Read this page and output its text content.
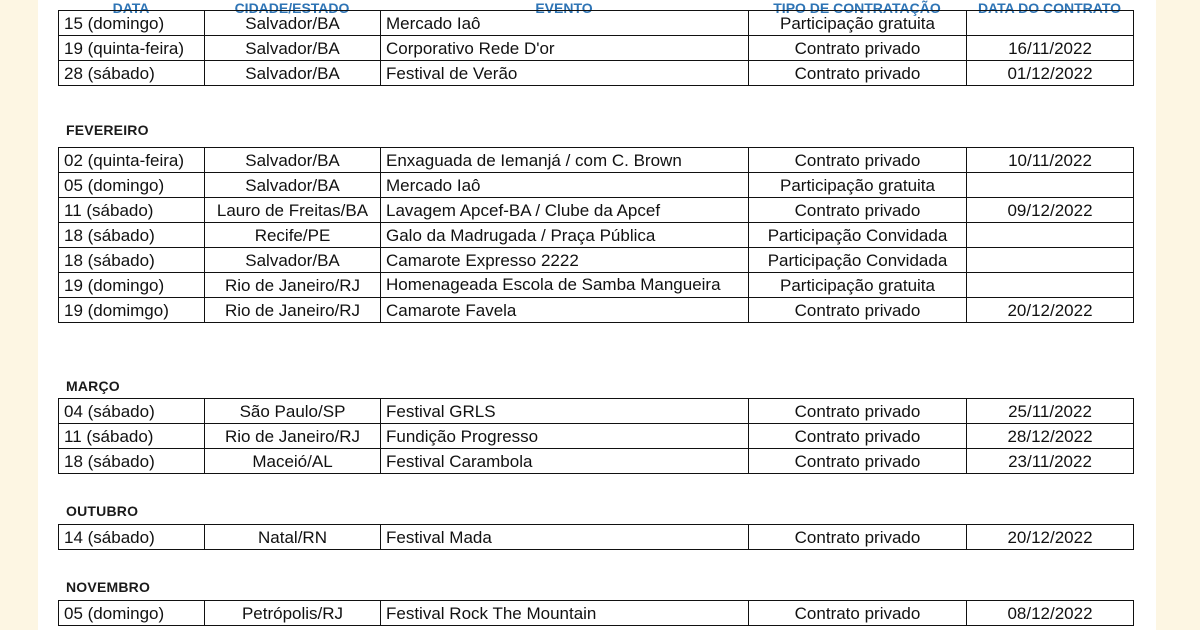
DATA	CIDADE/ESTADO	EVENTO	TIPO DE CONTRATAÇÃO	DATA DO CONTRATO
15 (domingo)	Salvador/BA	Mercado Iaô	Participação gratuita	
19 (quinta-feira)	Salvador/BA	Corporativo Rede D'or	Contrato privado	16/11/2022
28 (sábado)	Salvador/BA	Festival de Verão	Contrato privado	01/12/2022
FEVEREIRO
02 (quinta-feira)	Salvador/BA	Enxaguada de Iemanjá / com C. Brown	Contrato privado	10/11/2022
05 (domingo)	Salvador/BA	Mercado Iaô	Participação gratuita	
11 (sábado)	Lauro de Freitas/BA	Lavagem Apcef-BA / Clube da Apcef	Contrato privado	09/12/2022
18 (sábado)	Recife/PE	Galo da Madrugada / Praça Pública	Participação Convidada	
18 (sábado)	Salvador/BA	Camarote Expresso 2222	Participação Convidada	
19 (domingo)	Rio de Janeiro/RJ	Homenageada Escola de Samba Mangueira	Participação gratuita	
19 (domimgo)	Rio de Janeiro/RJ	Camarote Favela	Contrato privado	20/12/2022
MARÇO
04 (sábado)	São Paulo/SP	Festival GRLS	Contrato privado	25/11/2022
11 (sábado)	Rio de Janeiro/RJ	Fundição Progresso	Contrato privado	28/12/2022
18 (sábado)	Maceió/AL	Festival Carambola	Contrato privado	23/11/2022
OUTUBRO
14 (sábado)	Natal/RN	Festival Mada	Contrato privado	20/12/2022
NOVEMBRO
05 (domingo)	Petrópolis/RJ	Festival Rock The Mountain	Contrato privado	08/12/2022
